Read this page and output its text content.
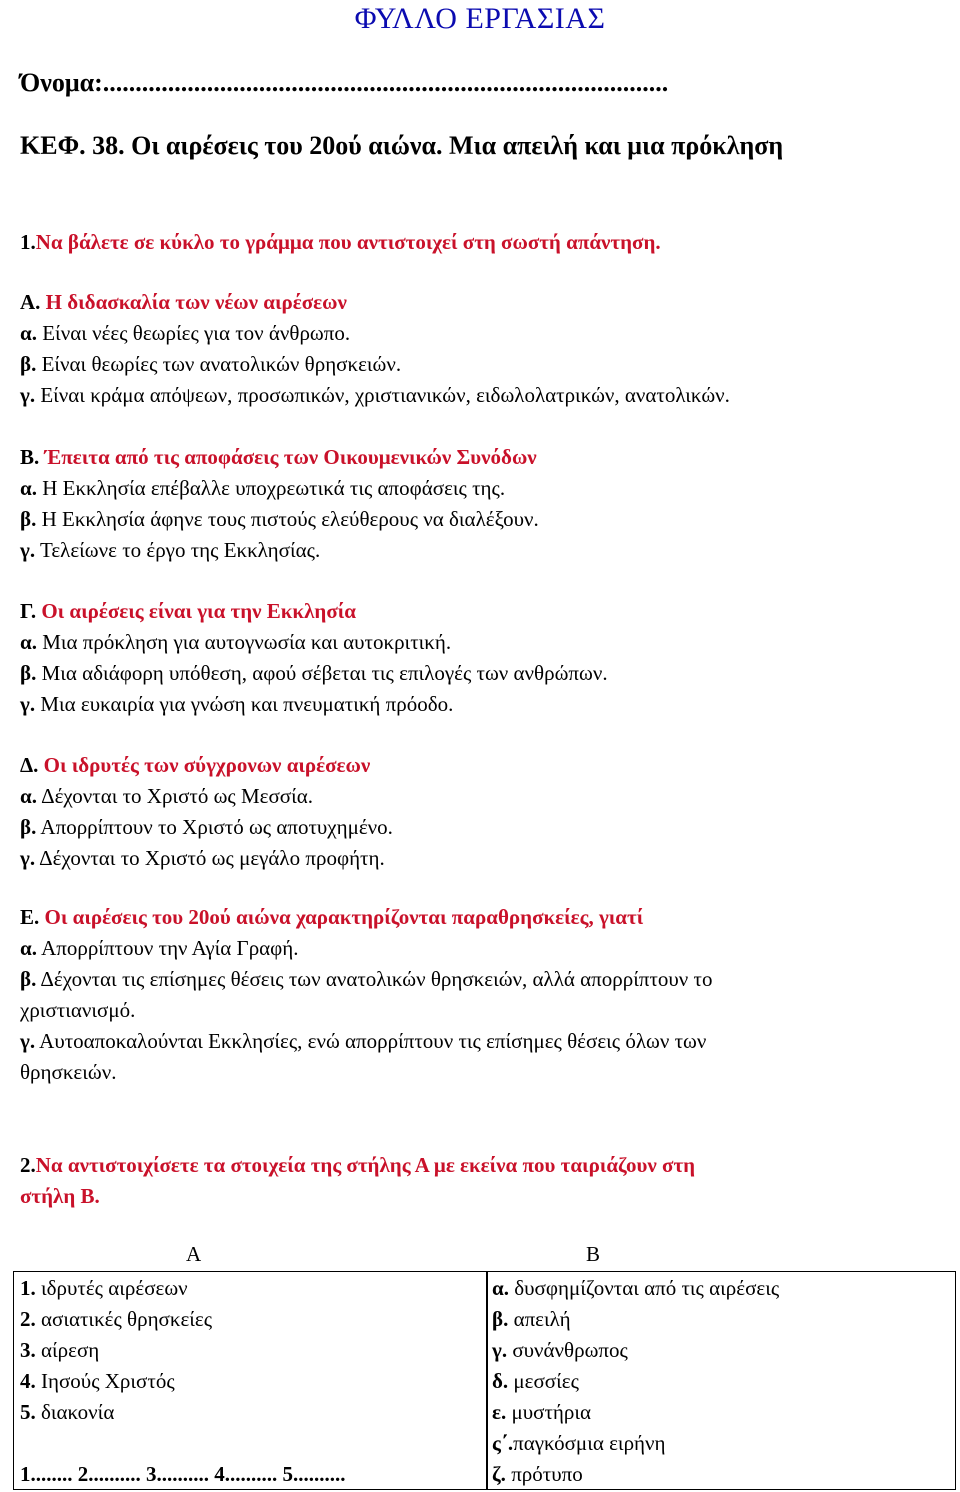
ΦΥΛΛΟ ΕΡΓΑΣΙΑΣ
Όνομα:.......................................................................................
ΚΕΦ. 38. Οι αιρέσεις του 20ού αιώνα. Μια απειλή και μια πρόκληση
1.Να βάλετε σε κύκλο το γράμμα που αντιστοιχεί στη σωστή απάντηση.
Α. Η διδασκαλία των νέων αιρέσεων
α. Είναι νέες θεωρίες για τον άνθρωπο.
β. Είναι θεωρίες των ανατολικών θρησκειών.
γ. Είναι κράμα απόψεων, προσωπικών, χριστιανικών, ειδωλολατρικών, ανατολικών.
Β. Έπειτα από τις αποφάσεις των Οικουμενικών Συνόδων
α. Η Εκκλησία επέβαλλε υποχρεωτικά τις αποφάσεις της.
β. Η Εκκλησία άφηνε τους πιστούς ελεύθερους να διαλέξουν.
γ. Τελείωνε το έργο της Εκκλησίας.
Γ. Οι αιρέσεις είναι για την Εκκλησία
α. Μια πρόκληση για αυτογνωσία και αυτοκριτική.
β. Μια αδιάφορη υπόθεση, αφού σέβεται τις επιλογές των ανθρώπων.
γ. Μια ευκαιρία για γνώση και πνευματική πρόοδο.
Δ. Οι ιδρυτές των σύγχρονων αιρέσεων
α. Δέχονται το Χριστό ως Μεσσία.
β. Απορρίπτουν το Χριστό ως αποτυχημένο.
γ. Δέχονται το Χριστό ως μεγάλο προφήτη.
Ε. Οι αιρέσεις του 20ού αιώνα χαρακτηρίζονται παραθρησκείες, γιατί
α. Απορρίπτουν την Αγία Γραφή.
β. Δέχονται τις επίσημες θέσεις των ανατολικών θρησκειών, αλλά απορρίπτουν το
χριστιανισμό.
γ. Αυτοαποκαλούνται Εκκλησίες, ενώ απορρίπτουν τις επίσημες θέσεις όλων των
θρησκειών.
2.Να αντιστοιχίσετε τα στοιχεία της στήλης Α με εκείνα που ταιριάζουν στη
στήλη Β.
Α	Β
1. ιδρυτές αιρέσεων
2. ασιατικές θρησκείες
3. αίρεση
4. Ιησούς Χριστός
5. διακονία
1........ 2.......... 3.......... 4.......... 5..........
α. δυσφημίζονται από τις αιρέσεις
β. απειλή
γ. συνάνθρωπος
δ. μεσσίες
ε. μυστήρια
ς΄.παγκόσμια ειρήνη
ζ. πρότυπο
